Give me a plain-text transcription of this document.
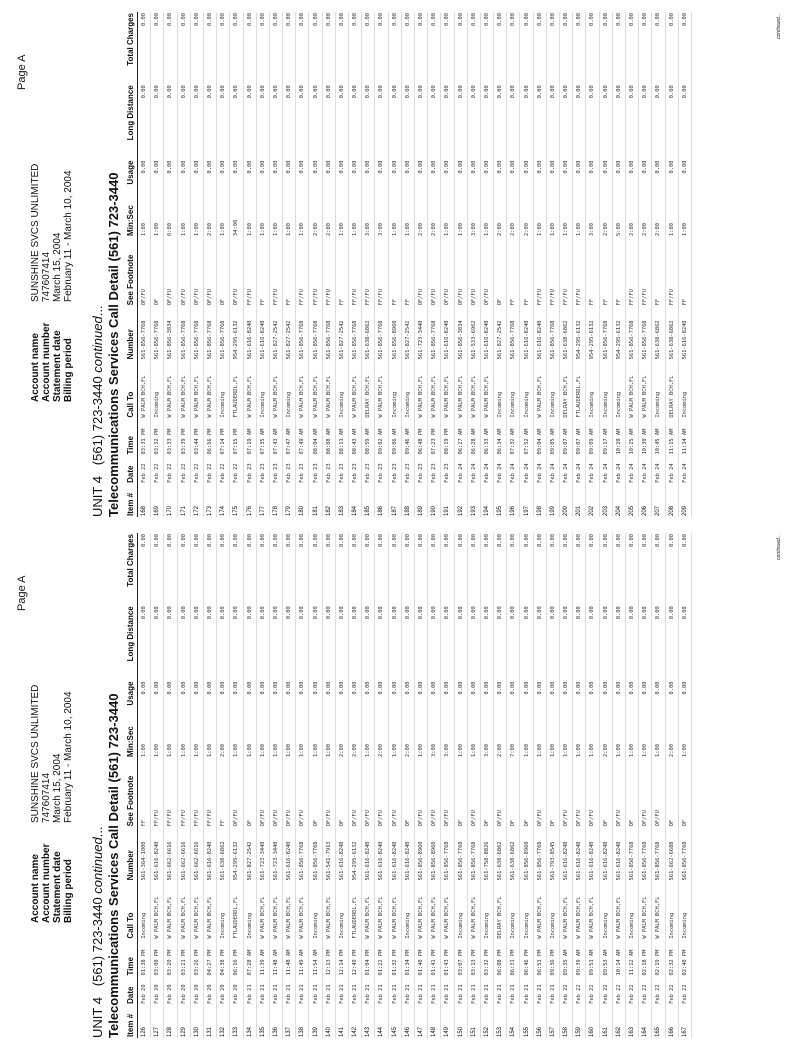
Page A
Account name
SUNSHINE SVCS UNLIMITED
Account number
747607414
Statement date
March 15, 2004
Billing period
February 11 - March 10, 2004
UNIT 4   (561) 723-3440 continued... Telecommunications Services Call Detail (561) 723-3440
Item #	Date	Time	Call To	Number	See Footnote	Min:Sec	Usage	Long Distance	Total Charges
126	Feb 20	01:38 PM	Incoming	561-364-1000	FF	1:00	0.00	0.00	0.00
127	Feb 20	03:00 PM	W PALM BCH,FL	561-616-8240	FF/FU	1:00	0.00	0.00	0.00
128	Feb 20	03:20 PM	W PALM BCH,FL	561-662-6616	FF/FU	1:00	0.00	0.00	0.00
129	Feb 20	03:21 PM	W PALM BCH,FL	561-662-6616	FF/FU	1:00	0.00	0.00	0.00
130	Feb 20	03:26 PM	W PALM BCH,FL	561-662-6616	FF/FU	1:00	0.00	0.00	0.00
131	Feb 20	04:27 PM	W PALM BCH,FL	561-616-8240	FF/FU	1:00	0.00	0.00	0.00
132	Feb 20	04:38 PM	Incoming	561-638-6862	FF	2:00	0.00	0.00	0.00
133	Feb 20	06:16 PM	FTLAUDERDL,FL	954-295-6132	OF/FU	1:00	0.00	0.00	0.00
134	Feb 21	07:28 AM	Incoming	561-827-2542	OF	1:00	0.00	0.00	0.00
135	Feb 21	11:39 AM	W PALM BCH,FL	561-723-3440	OF/FU	1:00	0.00	0.00	0.00
136	Feb 21	11:48 AM	W PALM BCH,FL	561-723-3440	OF/FU	1:00	0.00	0.00	0.00
137	Feb 21	11:48 AM	W PALM BCH,FL	561-616-8240	OF/FU	1:00	0.00	0.00	0.00
138	Feb 21	11:49 AM	W PALM BCH,FL	561-856-7768	OF/FU	1:00	0.00	0.00	0.00
139	Feb 21	11:54 AM	Incoming	561-856-7768	OF	1:00	0.00	0.00	0.00
140	Feb 21	12:13 PM	W PALM BCH,FL	561-541-7913	OF/FU	1:00	0.00	0.00	0.00
141	Feb 21	12:14 PM	Incoming	561-616-8240	OF	2:00	0.00	0.00	0.00
142	Feb 21	12:49 PM	FTLAUDERDL,FL	954-295-6132	OF/FU	2:00	0.00	0.00	0.00
143	Feb 21	01:04 PM	W PALM BCH,FL	561-616-8240	OF/FU	1:00	0.00	0.00	0.00
144	Feb 21	01:22 PM	W PALM BCH,FL	561-616-8240	OF/FU	2:00	0.00	0.00	0.00
145	Feb 21	01:32 PM	W PALM BCH,FL	561-616-8240	OF/FU	1:00	0.00	0.00	0.00
146	Feb 21	01:34 PM	Incoming	561-616-8240	OF	2:00	0.00	0.00	0.00
147	Feb 21	01:40 PM	W PALM BCH,FL	561-856-8960	OF/FU	1:00	0.00	0.00	0.00
148	Feb 21	01:41 PM	W PALM BCH,FL	561-856-8960	OF/FU	3:00	0.00	0.00	0.00
149	Feb 21	01:43 PM	W PALM BCH,FL	561-856-7768	OF/FU	3:00	0.00	0.00	0.00
150	Feb 21	03:07 PM	Incoming	561-856-7768	OF	1:00	0.00	0.00	0.00
151	Feb 21	03:13 PM	W PALM BCH,FL	561-856-7768	OF/FU	1:00	0.00	0.00	0.00
152	Feb 21	03:32 PM	Incoming	561-758-8826	OF	3:00	0.00	0.00	0.00
153	Feb 21	06:08 PM	DELRAY BCH,FL	561-638-6862	OF/FU	2:00	0.00	0.00	0.00
154	Feb 21	06:31 PM	Incoming	561-638-6862	OF	7:00	0.00	0.00	0.00
155	Feb 21	06:46 PM	Incoming	561-856-8960	OF	1:00	0.00	0.00	0.00
156	Feb 21	06:51 PM	W PALM BCH,FL	561-856-7768	OF/FU	1:00	0.00	0.00	0.00
157	Feb 21	09:36 PM	Incoming	561-793-8545	OF	1:00	0.00	0.00	0.00
158	Feb 22	09:35 AM	W PALM BCH,FL	561-616-8240	OF/FU	1:00	0.00	0.00	0.00
159	Feb 22	09:39 AM	W PALM BCH,FL	561-616-8240	OF/FU	1:00	0.00	0.00	0.00
160	Feb 22	09:51 AM	W PALM BCH,FL	561-616-8240	OF/FU	1:00	0.00	0.00	0.00
161	Feb 22	09:53 AM	Incoming	561-616-8240	OF	2:00	0.00	0.00	0.00
162	Feb 22	10:14 AM	W PALM BCH,FL	561-616-8240	OF/FU	1:00	0.00	0.00	0.00
163	Feb 22	11:12 AM	Incoming	561-856-7768	OF	1:00	0.00	0.00	0.00
164	Feb 22	02:18 PM	W PALM BCH,FL	561-856-7768	OF/FU	1:00	0.00	0.00	0.00
165	Feb 22	02:19 PM	W PALM BCH,FL	561-856-7768	OF/FU	1:00	0.00	0.00	0.00
166	Feb 22	02:32 PM	Incoming	561-662-6688	OF	2:00	0.00	0.00	0.00
167	Feb 22	02:40 PM	Incoming	561-856-7768	OF	1:00	0.00	0.00	0.00	continued...
Page A
Account name
SUNSHINE SVCS UNLIMITED
Account number
747607414
Statement date
March 15, 2004
Billing period
February 11 - March 10, 2004
UNIT 4   (561) 723-3440 continued... Telecommunications Services Call Detail (561) 723-3440
Item #	Date	Time	Call To	Number	See Footnote	Min:Sec	Usage	Long Distance	Total Charges
168	Feb 22	03:31 PM	W PALM BCH,FL	561-856-7768	OF/FU	1:00	0.00	0.00	0.00
169	Feb 22	03:32 PM	Incoming	561-856-7768	OF	1:00	0.00	0.00	0.00
170	Feb 22	03:33 PM	W PALM BCH,FL	561-856-3834	OF/FU	6:00	0.00	0.00	0.00
171	Feb 22	03:39 PM	W PALM BCH,FL	561-856-7768	OF/FU	1:00	0.00	0.00	0.00
172	Feb 22	03:44 PM	W PALM BCH,FL	561-856-7768	OF/FU	1:00	0.00	0.00	0.00
173	Feb 22	06:56 PM	W PALM BCH,FL	561-856-7768	OF/FU	2:00	0.00	0.00	0.00
174	Feb 22	07:14 PM	Incoming	561-856-7768	OF	1:00	0.00	0.00	0.00
175	Feb 22	07:15 PM	FTLAUDERDL,FL	954-295-6132	OF/FU	34:00	0.00	0.00	0.00
176	Feb 23	07:19 AM	W PALM BCH,FL	561-616-8240	FF/FU	1:00	0.00	0.00	0.00
177	Feb 23	07:35 AM	Incoming	561-616-8240	FF	1:00	0.00	0.00	0.00
178	Feb 23	07:43 AM	W PALM BCH,FL	561-827-2542	FF/FU	1:00	0.00	0.00	0.00
179	Feb 23	07:47 AM	Incoming	561-827-2542	FF	1:00	0.00	0.00	0.00
180	Feb 23	07:49 AM	W PALM BCH,FL	561-856-7768	FF/FU	1:00	0.00	0.00	0.00
181	Feb 23	08:04 AM	W PALM BCH,FL	561-856-7768	FF/FU	2:00	0.00	0.00	0.00
182	Feb 23	08:08 AM	W PALM BCH,FL	561-856-7768	FF/FU	2:00	0.00	0.00	0.00
183	Feb 23	08:11 AM	Incoming	561-827-2542	FF	1:00	0.00	0.00	0.00
184	Feb 23	08:43 AM	W PALM BCH,FL	561-856-7768	FF/FU	1:00	0.00	0.00	0.00
185	Feb 23	08:59 AM	DELRAY BCH,FL	561-638-6862	FF/FU	3:00	0.00	0.00	0.00
186	Feb 23	09:02 AM	W PALM BCH,FL	561-856-7768	FF/FU	3:00	0.00	0.00	0.00
187	Feb 23	09:06 AM	Incoming	561-856-8960	FF	1:00	0.00	0.00	0.00
188	Feb 23	09:46 AM	Incoming	561-827-2542	FF	1:00	0.00	0.00	0.00
189	Feb 23	06:48 PM	W PALM BCH,FL	561-723-3440	OF/FU	2:00	0.00	0.00	0.00
190	Feb 23	07:23 PM	W PALM BCH,FL	561-856-7768	OF/FU	2:00	0.00	0.00	0.00
191	Feb 23	08:19 PM	W PALM BCH,FL	561-616-8240	OF/FU	1:00	0.00	0.00	0.00
192	Feb 24	06:27 AM	W PALM BCH,FL	561-856-3834	OF/FU	1:00	0.00	0.00	0.00
193	Feb 24	06:28 AM	W PALM BCH,FL	561-533-6962	OF/FU	3:00	0.00	0.00	0.00
194	Feb 24	06:33 AM	W PALM BCH,FL	561-616-8240	OF/FU	1:00	0.00	0.00	0.00
195	Feb 24	06:34 AM	Incoming	561-827-2542	OF	2:00	0.00	0.00	0.00
196	Feb 24	07:32 AM	Incoming	561-856-7768	FF	2:00	0.00	0.00	0.00
197	Feb 24	07:52 AM	Incoming	561-616-8240	FF	2:00	0.00	0.00	0.00
198	Feb 24	09:04 AM	W PALM BCH,FL	561-616-8240	FF/FU	1:00	0.00	0.00	0.00
199	Feb 24	09:05 AM	Incoming	561-856-7768	FF/FU	1:00	0.00	0.00	0.00
200	Feb 24	09:07 AM	DELRAY BCH,FL	561-638-6862	FF/FU	1:00	0.00	0.00	0.00
201	Feb 24	09:07 AM	FTLAUDERDL,FL	954-295-6132	FF/FU	1:00	0.00	0.00	0.00
202	Feb 24	09:09 AM	Incoming	954-295-6132	FF	3:00	0.00	0.00	0.00
203	Feb 24	09:17 AM	Incoming	561-856-7768	FF	2:00	0.00	0.00	0.00
204	Feb 24	10:20 AM	Incoming	954-295-6132	FF	5:00	0.00	0.00	0.00
205	Feb 24	10:25 AM	W PALM BCH,FL	561-856-7768	FF/FU	2:00	0.00	0.00	0.00
206	Feb 24	10:30 AM	W PALM BCH,FL	561-856-7768	FF/FU	2:00	0.00	0.00	0.00
207	Feb 24	10:45 AM	Incoming	561-638-6862	FF	2:00	0.00	0.00	0.00
208	Feb 24	11:15 AM	DELRAY BCH,FL	561-638-6862	FF/FU	1:00	0.00	0.00	0.00
209	Feb 24	11:34 AM	Incoming	561-616-8240	FF	1:00	0.00	0.00	0.00	continued...
